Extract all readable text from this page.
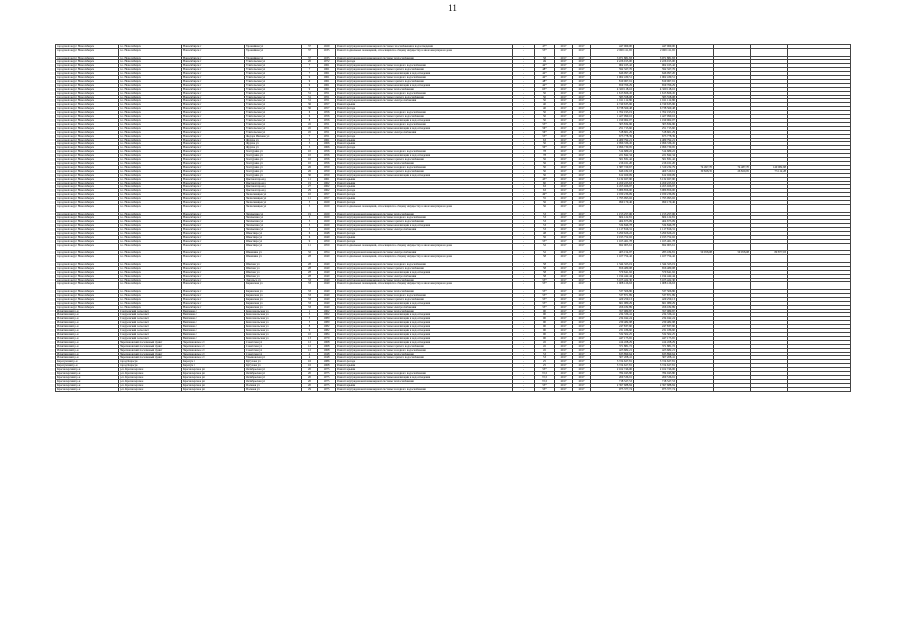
11
городской округ Новосибирск	г.о. Новосибирск	Новосибирск г	Урожайная ул	37	1929	Ремонт внутридомовой инженерной системы газоснабжения и водоотведения	-	47*	2017	2017	447 069,00	447 069,00				
городской округ Новосибирск	г.о. Новосибирск	Новосибирск г	Урожайная ул	37	1935	Ремонт подвальных помещений, относящихся к общему имуществу в многоквартирном доме	-	55*	2017	2017	2 069 111,65	2 069 111,65				
городской округ Новосибирск	г.о. Новосибирск	Новосибирск г	Урожайная ул	37	1935	Ремонт внутридомовой инженерной системы теплоснабжения	-	58	2017	2017	3 071 881,83	3 071 881,83				
городской округ Новосибирск	г.о. Новосибирск	Новосибирск г	Учительская ул	20	1972	Ремонт фасада	-	49	2017	2017	2 226 915,00	2 226 915,00				
городской округ Новосибирск	г.о. Новосибирск	Новосибирск г	Учительская ул	7	1961	Ремонт внутридомовой инженерной системы холодного водоснабжения	-	42*	2017	2017	962 165,42	962 165,42				
городской округ Новосибирск	г.о. Новосибирск	Новосибирск г	Учительская ул	7	1961	Ремонт внутридомовой инженерной системы горячего водоснабжения	-	48*	2017	2017	592 327,76	592 327,76				
городской округ Новосибирск	г.о. Новосибирск	Новосибирск г	Учительская ул	7	1961	Ремонт внутридомовой инженерной системы канализации и водоотведения	-	42*	2017	2017	646 997,20	646 997,20				
городской округ Новосибирск	г.о. Новосибирск	Новосибирск г	Учительская ул	9	1961	Ремонт внутридомовой инженерной системы холодного водоснабжения	-	42*	2017	2017	1 062 430,51	1 062 430,51				
городской округ Новосибирск	г.о. Новосибирск	Новосибирск г	Учительская ул	9	1961	Ремонт внутридомовой инженерной системы горячего водоснабжения	-	48*	2017	2017	819 067,91	819 067,91				
городской округ Новосибирск	г.о. Новосибирск	Новосибирск г	Учительская ул	9	1961	Ремонт внутридомовой инженерной системы канализации и водоотведения	-	42*	2017	2017	659 766,29	659 766,29				
городской округ Новосибирск	г.о. Новосибирск	Новосибирск г	Учительская ул	9	1961	Ремонт внутридомовой инженерной системы теплоснабжения	-	65*	2017	2017	4 329 118,16	4 329 118,16				
городской округ Новосибирск	г.о. Новосибирск	Новосибирск г	Учительская ул	31	1951	Ремонт внутридомовой инженерной системы холодного водоснабжения	-	50	2017	2017	1 613 826,45	1 613 826,45				
городской округ Новосибирск	г.о. Новосибирск	Новосибирск г	Учительская ул	31	1951	Ремонт внутридомовой инженерной системы горячего водоснабжения	-	50	2017	2017	583 558,08	583 558,08				
городской округ Новосибирск	г.о. Новосибирск	Новосибирск г	Учительская ул	31	1951	Ремонт внутридомовой инженерной системы электроснабжения	-	50	2017	2017	1 611 112,86	1 611 112,86				
городской округ Новосибирск	г.о. Новосибирск	Новосибирск г	Учительская ул	36	1957	Ремонт крыши	-	40	2017	2017	4 749 635,96	4 749 635,96				
городской округ Новосибирск	г.о. Новосибирск	Новосибирск г	Учительская ул	36	1957	Ремонт фасада	-	40	2017	2017	6 738 569,48	6 738 569,48				
городской округ Новосибирск	г.о. Новосибирск	Новосибирск г	Учительская ул	6	1956	Ремонт внутридомовой инженерной системы холодного водоснабжения	-	50	2017	2017	1 762 193,19	1 762 193,19				
городской округ Новосибирск	г.о. Новосибирск	Новосибирск г	Учительская ул	6	1956	Ремонт внутридомовой инженерной системы горячего водоснабжения	-	50	2017	2017	1 427 999,16	1 427 999,16				
городской округ Новосибирск	г.о. Новосибирск	Новосибирск г	Учительская ул	8	1956	Ремонт внутридомовой инженерной системы канализации и водоотведения	-	50	2017	2017	1 199 962,07	1 199 962,07				
городской округ Новосибирск	г.о. Новосибирск	Новосибирск г	Учительская ул	45	1951	Ремонт внутридомовой инженерной системы холодного водоснабжения	-	53*	2017	2017	303 834,96	303 834,96				
городской округ Новосибирск	г.о. Новосибирск	Новосибирск г	Учительская ул	45	1951	Ремонт внутридомовой инженерной системы канализации и водоотведения	-	56*	2017	2017	251 715,60	251 715,60				
городской округ Новосибирск	г.о. Новосибирск	Новосибирск г	Учительская ул	45	1951	Ремонт внутридомовой инженерной системы электроснабжения	-	56*	2017	2017	518 601,29	518 601,29				
городской округ Новосибирск	г.о. Новосибирск	Новосибирск г	Федора Ивачева ул	7	1951	Ремонт фасада	-	55*	2017	2017	673 778,39	673 778,39				
городской округ Новосибирск	г.о. Новосибирск	Новосибирск г	Фрунзе ул	3	1961	Ремонт крыши	-	63	2017	2017	4 489 792,21	4 489 792,21				
городской округ Новосибирск	г.о. Новосибирск	Новосибирск г	Фрунзе ул	3	1966	Ремонт крыши	-	50	2017	2017	2 096 336,45	2 096 336,45				
городской округ Новосибирск	г.о. Новосибирск	Новосибирск г	Фрунзе ул	3	1966	Ремонт фасада	-	50*	2017	2017	2 096 730,95	2 096 730,95				
городской округ Новосибирск	г.о. Новосибирск	Новосибирск г	Халтурина ул	10	1956	Ремонт внутридомовой инженерной системы холодного водоснабжения	-	78	2017	2017	514 689,22	514 689,22				
городской округ Новосибирск	г.о. Новосибирск	Новосибирск г	Халтурина ул	10	1956	Ремонт внутридомовой инженерной системы канализации и водоотведения	-	78	2017	2017	221 842,34	221 842,34				
городской округ Новосибирск	г.о. Новосибирск	Новосибирск г	Халтурина ул	10	1956	Ремонт внутридомовой инженерной системы горячего водоснабжения	-	56	2017	2017	501 831,42	501 831,42				
городской округ Новосибирск	г.о. Новосибирск	Новосибирск г	Халтурина ул	10	1956	Ремонт внутридомовой инженерной системы теплоснабжения	-	56	2017	2017	216 161,20	216 161,20				
городской округ Новосибирск	г.о. Новосибирск	Новосибирск г	Халтурина ул	26	1959	Ремонт внутридомовой инженерной системы холодного водоснабжения	-	50	2017	2017	1 387 720,67	1 310 232,79	74 497,70	74 487,70	149 082,68	
городской округ Новосибирск	г.о. Новосибирск	Новосибирск г	Халтурина ул	26	1959	Ремонт внутридомовой инженерной системы горячего водоснабжения	-	50	2017	2017	646 182,18	469 510,61	30 828,35	26 829,95	73 112,28	
городской округ Новосибирск	г.о. Новосибирск	Новосибирск г	Халтурина ул	30	1959	Ремонт внутридомовой инженерной системы канализации и водоотведения	-	50	2017	2017	612 020,09	612 020,09				
городской округ Новосибирск	г.о. Новосибирск	Новосибирск г	Цветной проезд	11	1961	Ремонт крыши	-	45*	2017	2017	3 132 927,90	3 132 927,90				
городской округ Новосибирск	г.о. Новосибирск	Новосибирск г	Цветной проезд	19	1962	Ремонт крыши	-	60	2017	2017	4 459 223,63	4 459 223,63				
городской округ Новосибирск	г.о. Новосибирск	Новосибирск г	Цветной проезд	27	1962	Ремонт крыши	-	63	2017	2017	4 455 026,97	4 455 026,97				
городской округ Новосибирск	г.о. Новосибирск	Новосибирск г	Цветной проезд	29	1962	Ремонт фасада	-	63	2017	2017	3 986 856,00	3 986 856,00				
городской округ Новосибирск	г.о. Новосибирск	Новосибирск г	Челюскинцев ул	10	1957	Ремонт фасада	-	49*	2017	2017	2 030 236,09	2 030 236,09				
городской округ Новосибирск	г.о. Новосибирск	Новосибирск г	Челюскинцев ул	11	1957	Ремонт крыши	-	55	2017	2017	1 795 993,02	1 795 993,02				
городской округ Новосибирск	г.о. Новосибирск	Новосибирск г	Челюскинцев ул	5	1929	Ремонт фасада	-	56	2017	2017	999 179,46	999 179,46				
городской округ Новосибирск	г.о. Новосибирск	Новосибирск г	Челюскинцев ул	5	1929	Ремонт подвальных помещений, относящихся к общему имуществу в многоквартирном доме	-	56	2017	2017						
городской округ Новосибирск	г.о. Новосибирск	Новосибирск г	Чаплыгина ул	19	1929	Ремонт внутридомовой инженерной системы теплоснабжения	-	53	2017	2017	1 153 257,06	1 153 257,06				
городской округ Новосибирск	г.о. Новосибирск	Новосибирск г	Чаплыгина ул	5	1929	Ремонт внутридомовой инженерной системы холодного водоснабжения	-	53	2017	2017	604 122,81	604 122,81				
городской округ Новосибирск	г.о. Новосибирск	Новосибирск г	Чаплыгина ул	5	1929	Ремонт внутридомовой инженерной системы горячего водоснабжения	-	53	2017	2017	464 673,09	464 673,09				
городской округ Новосибирск	г.о. Новосибирск	Новосибирск г	Чаплыгина ул	5	1929	Ремонт внутридомовой инженерной системы канализации и водоотведения	-	53	2017	2017	534 846,78	534 846,78				
городской округ Новосибирск	г.о. Новосибирск	Новосибирск г	Чаплыгина ул	5	1929	Ремонт внутридомовой инженерной системы электроснабжения	-	53	2017	2017	1 117 816,31	1 117 816,31				
городской округ Новосибирск	г.о. Новосибирск	Новосибирск г	Шекспира ул	6	1948	Ремонт фасада	-	48	2017	2017	3 290 626,22	3 290 626,22				
городской округ Новосибирск	г.о. Новосибирск	Новосибирск г	Шекспира ул	6	1949	Ремонт крыши	-	56	2017	2017	2 193 752,02	2 193 752,02				
городской округ Новосибирск	г.о. Новосибирск	Новосибирск г	Шекспира ул	9	1950	Ремонт фасада	-	55*	2017	2017	1 165 461,78	1 165 461,78				
городской округ Новосибирск	г.о. Новосибирск	Новосибирск г	Шекспира ул	11	1950	Ремонт подвальных помещений, относящихся к общему имуществу в многоквартирном доме	-	52	2017	2017	692 903,61	692 903,61				
городской округ Новосибирск	г.о. Новосибирск	Новосибирск г	Шекшина ул	32	1954	Ремонт внутридомовой инженерной системы электроснабжения	-	52	2017	2017	403 154,97	283 184,81	59 958,08	59 958,08	89 877,03	
городской округ Новосибирск	г.о. Новосибирск	Новосибирск г	Шекшина ул	28	1940	Ремонт подвальных помещений, относящихся к общему имуществу в многоквартирном доме	-	58	2017	2017	1 107 754,42	1 107 754,42				
городской округ Новосибирск	г.о. Новосибирск	Новосибирск г	Шилова ул	28	1940	Ремонт внутридомовой инженерной системы холодного водоснабжения	-	58	2017	2017	1 344 323,19	1 344 323,19				
городской округ Новосибирск	г.о. Новосибирск	Новосибирск г	Шилова ул	28	1940	Ремонт внутридомовой инженерной системы горячего водоснабжения	-	58	2017	2017	656 480,08	656 480,08				
городской округ Новосибирск	г.о. Новосибирск	Новосибирск г	Шилова ул	28	1940	Ремонт внутридомовой инженерной системы канализации и водоотведения	-	58	2017	2017	579 641,92	579 641,92				
городской округ Новосибирск	г.о. Новосибирск	Новосибирск г	Шилова ул	28	1940	Ремонт внутридомовой инженерной системы электроснабжения	-	58	2017	2017	1 194 442,44	1 194 442,44				
городской округ Новосибирск	г.о. Новосибирск	Новосибирск г	Энгельса ул	33	1940	Ремонт внутридомовой инженерной системы теплоснабжения	-	53*	2017	2017	3 105 422,30	3 105 422,30				
городской округ Новосибирск	г.о. Новосибирск	Новосибирск г	Каринская ул	33	1940	Ремонт подвальных помещений, относящихся к общему имуществу в многоквартирном доме	-	55*	2017	2017	1 008 126,63	1 008 126,63				
городской округ Новосибирск	г.о. Новосибирск	Новосибирск г	Каринская ул	33	1940	Ремонт внутридомовой инженерной системы теплоснабжения	-	55*	2017	2017	537 506,86	537 506,86				
городской округ Новосибирск	г.о. Новосибирск	Новосибирск г	Каринская ул	33	1940	Ремонт внутридомовой инженерной системы холодного водоснабжения	-	55*	2017	2017	537 871,89	537 871,89				
городской округ Новосибирск	г.о. Новосибирск	Новосибирск г	Каринская ул	33	1940	Ремонт внутридомовой инженерной системы горячего водоснабжения	-	55*	2017	2017	429 259,13	429 259,13				
городской округ Новосибирск	г.о. Новосибирск	Новосибирск г	Каринская ул	33	1940	Ремонт внутридомовой инженерной системы канализации и водоотведения	-	55*	2017	2017	661 980,29	661 980,29				
городской округ Новосибирск	г.о. Новосибирск	Новосибирск г	Каринская ул	33	1940	Ремонт внутридомовой инженерной системы электроснабжения	-	55*	2017	2017	456 182,89	456 182,89				
Искитимский р-н	Сокуровский сельсовет	Вейсмана с	Комсомольская ул	1	1962	Ремонт внутридомовой инженерной системы теплоснабжения	-	90	2017	2017	357 980,87	357 980,87				
Искитимский р-н	Сокуровский сельсовет	Вейсмана с	Комсомольская ул	3	1962	Ремонт внутридомовой инженерной системы канализации и водоотведения	-	90	2017	2017	234 336,41	234 336,41				
Искитимский р-н	Сокуровский сельсовет	Вейсмана с	Комсомольская ул	5	1980	Ремонт внутридомовой инженерной системы канализации и водоотведения	-	90	2017	2017	234 042,24	234 042,24				
Искитимский р-н	Сокуровский сельсовет	Вейсмана с	Комсомольская ул	5	1980	Ремонт внутридомовой инженерной системы канализации и водоотведения	-	90	2017	2017	239 482,98	239 482,98				
Искитимский р-н	Сокуровский сельсовет	Вейсмана с	Комсомольская ул	8	1982	Ремонт внутридомовой инженерной системы канализации и водоотведения	-	90	2017	2017	247 837,60	247 837,60				
Искитимский р-н	Сокуровский сельсовет	Вейсмана с	Комсомольская ул	9	1982	Ремонт внутридомовой инженерной системы канализации и водоотведения	-	90	2017	2017	231 186,60	231 186,60				
Искитимский р-н	Сокуровский сельсовет	Вейсмана с	Комсомольская ул	10	1984	Ремонт внутридомовой инженерной системы канализации и водоотведения	-	90	2017	2017	532 502,25	532 502,25				
Искитимский р-н	Сокуровский сельсовет	Вейсмана с	Комсомольская ул	13	1970	Ремонт внутридомовой инженерной системы канализации и водоотведения	-	90	2017	2017	447 175,65	447 175,65				
Искитимский р-н	Черепановский поселковый пункт	Черепановское ст	Советская ул	12	1968	Ремонт внутридомовой инженерной системы канализации и водоотведения	-	45	2017	2017	414 458,29	414 458,29				
Искитимский р-н	Черепановский поселковый пункт	Черепановское ст	Советская ул	12	1968	Ремонт внутридомовой инженерной системы горячего водоснабжения	-	45	2017	2017	371 881,72	371 881,72				
Искитимский р-н	Черепановский поселковый пункт	Черепановское ст	Советская ул	12	1968	Ремонт внутридомовой инженерной системы холодного водоснабжения	-	45	2017	2017	423 682,21	423 682,21				
Искитимский р-н	Черепановский поселковый пункт	Черепановское ст	Советская ул	4	1948	Ремонт внутридомовой инженерной системы теплоснабжения	-	53	2017	2017	633 899,64	633 899,64				
Искитимский р-н	Черепановский поселковый пункт	Черепановское ст	Ульяновская ул	4	1948	Ремонт внутридомовой инженерной системы горячего водоснабжения	-	53	2017	2017	307 208,41	307 208,41				
Карасукский р-н	город Карасук	Карасук г	Кутузова ул	16	1986	Ремонт фасада	-	25	2017	2017	3 724 627,81	3 724 627,81				
Карасукский р-н	город Карасук	Карасук г	Кутузова ул	16	1968	Ремонт крыши	-	25	2017	2017	3 724 627,81	3 724 627,81				
Краснозерский р-н	р.п. Краснозерское	Краснозерское рп	Октябрьская ул	20	1975	Ремонт крыши	-	53*	2017	2017	2 162 746,06	2 162 746,06				
Краснозерский р-н	р.п. Краснозерское	Краснозерское рп	Октябрьская ул	20	1975	Ремонт внутридомовой инженерной системы холодного водоснабжения	-	72,5	2017	2017	784 943,80	784 943,80				
Краснозерский р-н	р.п. Краснозерское	Краснозерское рп	Октябрьская ул	20	1975	Ремонт внутридомовой инженерной системы канализации и водоотведения	-	72,5	2017	2017	269 536,91	269 536,91				
Краснозерский р-н	р.п. Краснозерское	Краснозерское рп	Октябрьская ул	20	1975	Ремонт внутридомовой инженерной системы теплоснабжения	-	72,5	2017	2017	718 527,53	718 527,53				
Краснозерский р-н	р.п. Краснозерское	Краснозерское рп	Полевая ул	20	1975	Ремонт крыши	-	55*	2017	2017	2 397 688,84	2 397 688,84				
Краснозерский р-н	р.п. Краснозерское	Краснозерское рп	Полевая ул	29	1975	Ремонт внутридомовой инженерной системы холодного водоснабжения	-	55*	2017	2017	975 377,74	975 377,74				
